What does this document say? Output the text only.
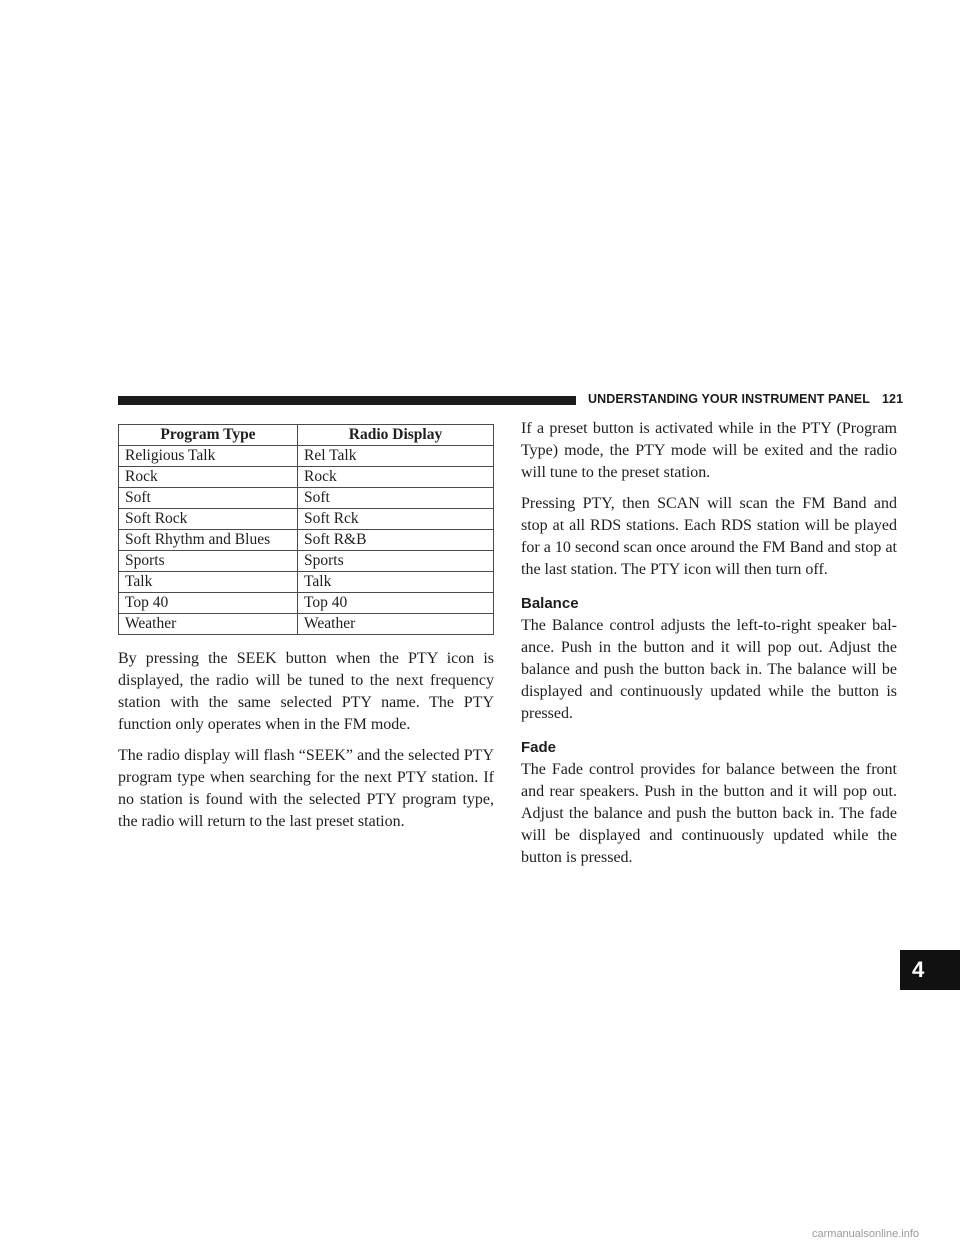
UNDERSTANDING YOUR INSTRUMENT PANEL 121
Program Type	Radio Display
Religious Talk	Rel Talk
Rock	Rock
Soft	Soft
Soft Rock	Soft Rck
Soft Rhythm and Blues	Soft R&B
Sports	Sports
Talk	Talk
Top 40	Top 40
Weather	Weather

By pressing the SEEK button when the PTY icon is displayed, the radio will be tuned to the next frequency station with the same selected PTY name. The PTY function only operates when in the FM mode.

The radio display will flash “SEEK” and the selected PTY program type when searching for the next PTY station. If no station is found with the selected PTY program type, the radio will return to the last preset station.

If a preset button is activated while in the PTY (Program Type) mode, the PTY mode will be exited and the radio will tune to the preset station.

Pressing PTY, then SCAN will scan the FM Band and stop at all RDS stations. Each RDS station will be played for a 10 second scan once around the FM Band and stop at the last station. The PTY icon will then turn off.

Balance

The Balance control adjusts the left-to-right speaker bal- ance. Push in the button and it will pop out. Adjust the balance and push the button back in. The balance will be displayed and continuously updated while the button is pressed.

Fade

The Fade control provides for balance between the front and rear speakers. Push in the button and it will pop out. Adjust the balance and push the button back in. The fade will be displayed and continuously updated while the button is pressed.

4
carmanualsonline.info
